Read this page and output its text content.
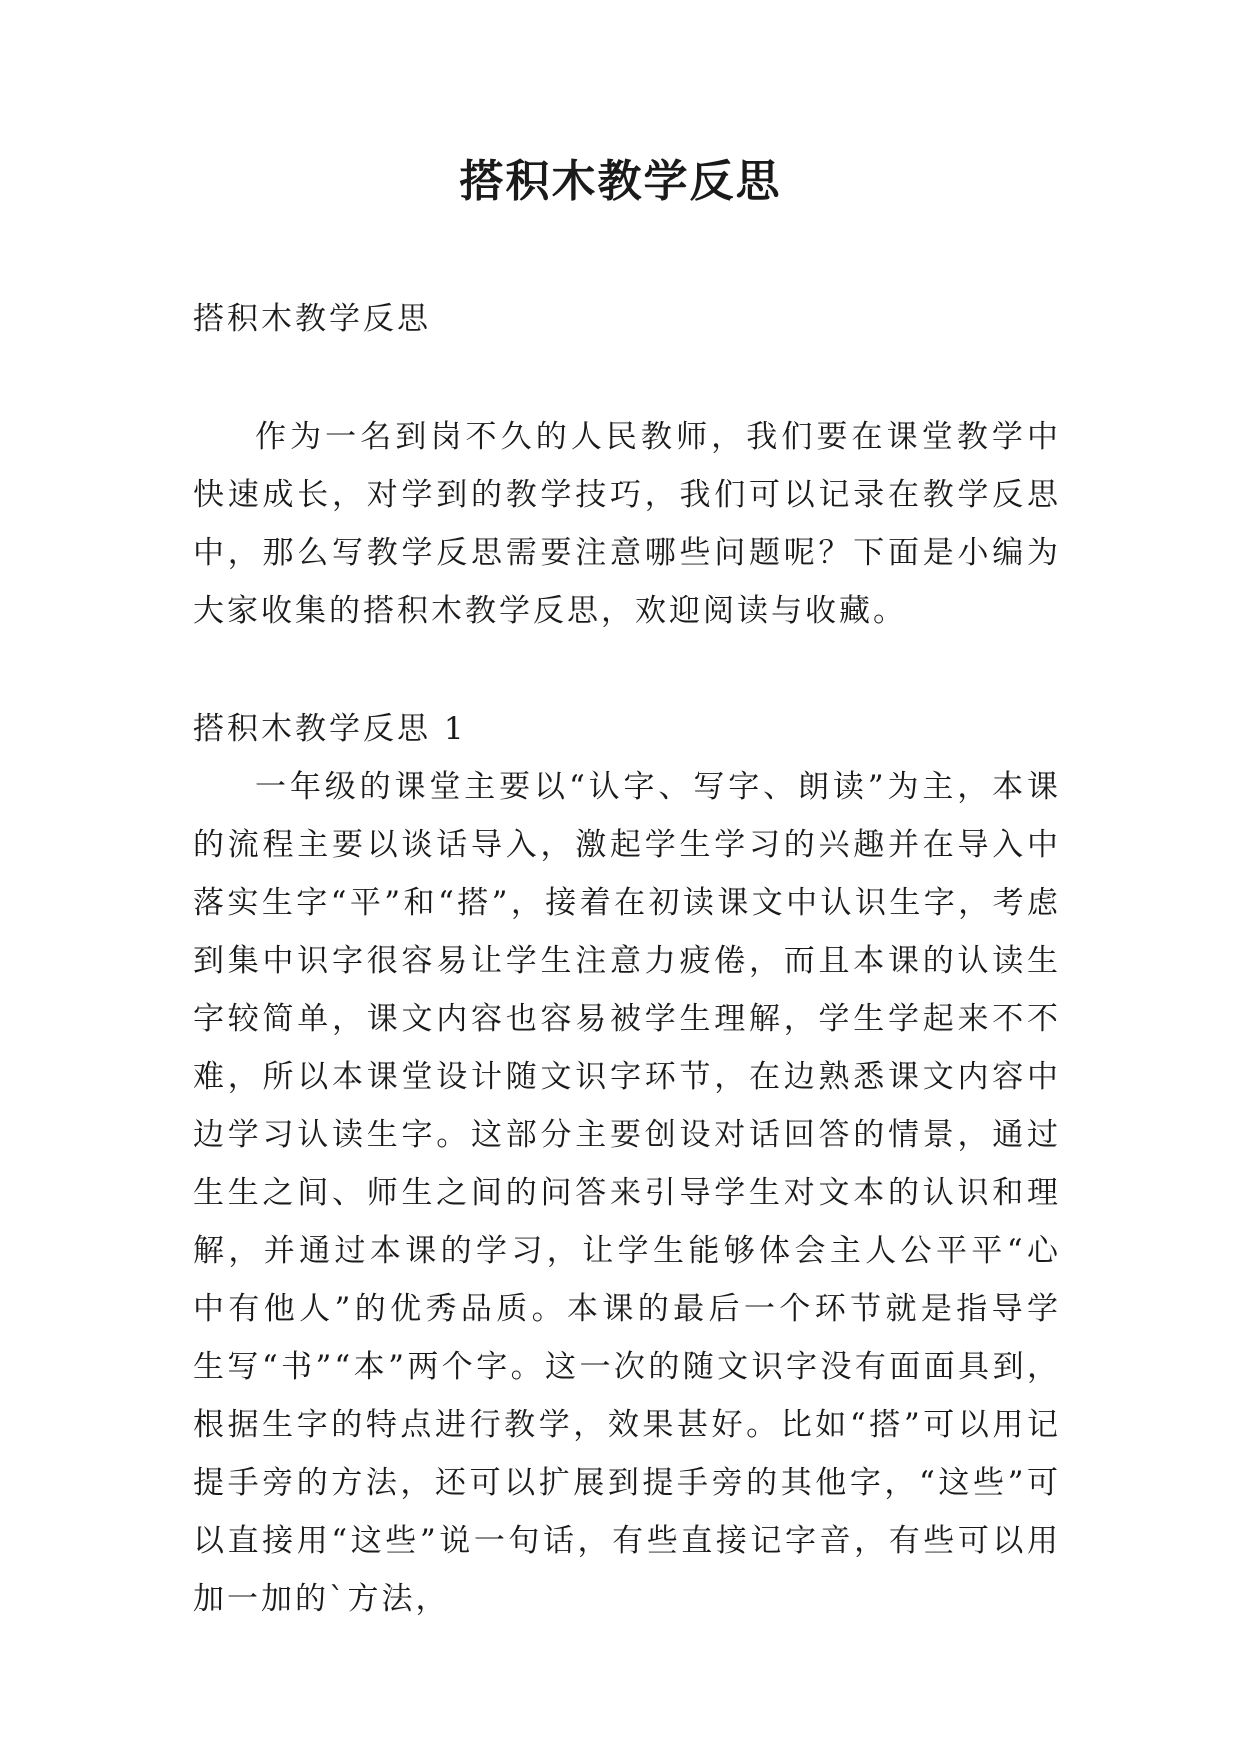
搭积木教学反思

搭积木教学反思

作为一名到岗不久的人民教师，我们要在课堂教学中快速成长，对学到的教学技巧，我们可以记录在教学反思中，那么写教学反思需要注意哪些问题呢？下面是小编为大家收集的搭积木教学反思，欢迎阅读与收藏。

搭积木教学反思 1

一年级的课堂主要以“认字、写字、朗读”为主，本课的流程主要以谈话导入，激起学生学习的兴趣并在导入中落实生字“平”和“搭”，接着在初读课文中认识生字，考虑到集中识字很容易让学生注意力疲倦，而且本课的认读生字较简单，课文内容也容易被学生理解，学生学起来不不难，所以本课堂设计随文识字环节，在边熟悉课文内容中边学习认读生字。这部分主要创设对话回答的情景，通过生生之间、师生之间的问答来引导学生对文本的认识和理解，并通过本课的学习，让学生能够体会主人公平平“心中有他人”的优秀品质。本课的最后一个环节就是指导学生写“书”“本”两个字。这一次的随文识字没有面面具到，根据生字的特点进行教学，效果甚好。比如“搭”可以用记提手旁的方法，还可以扩展到提手旁的其他字，“这些”可以直接用“这些”说一句话，有些直接记字音，有些可以用加一加的`方法，
